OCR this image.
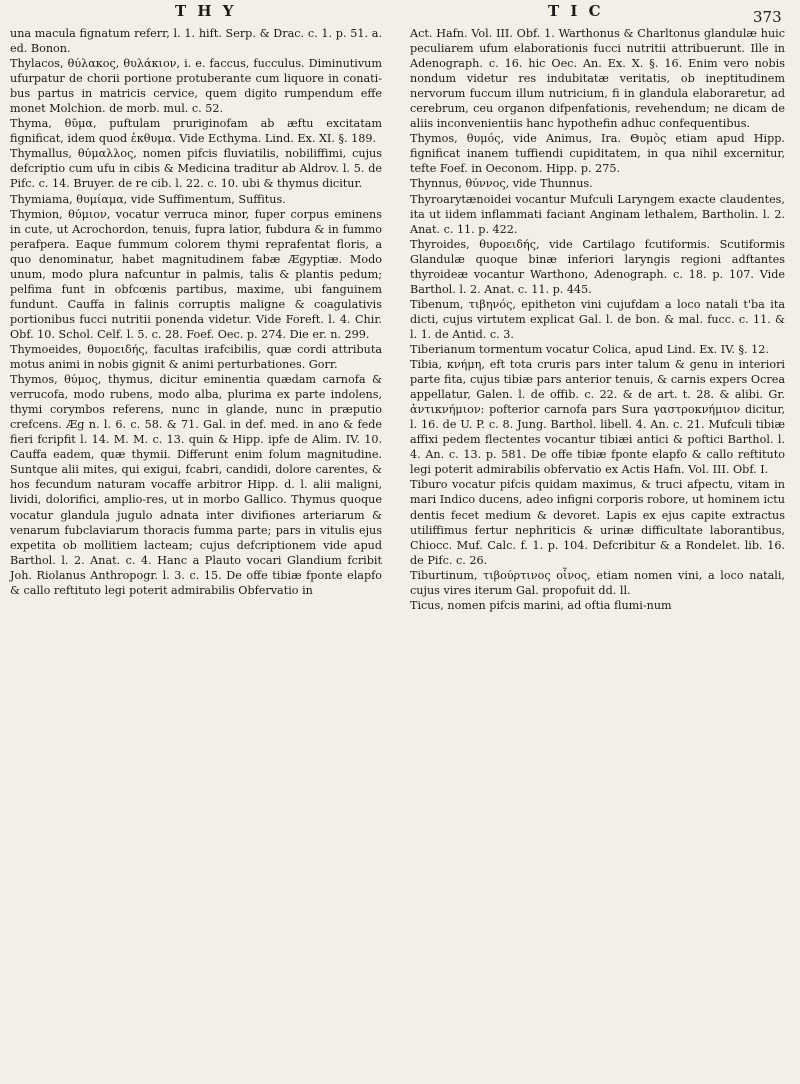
T H Y	T I C	373

una macula fignatum referr, l. 1. hift. Serp. & Drac. c. 1. p. 51. a. ed. Bonon.

Thylacos, θύλακος, θυλάκιον, i. e. faccus, fucculus. Diminutivum ufurpatur de chorii portione protuberante cum liquore in conati-bus partus in matricis cervice, quem digito rumpendum effe monet Molchion. de morb. mul. c. 52.

Thyma, θῦμα, puftulam pruriginofam ab æftu excitatam fignificat, idem quod ἐκθυμα. Vide Ecthyma. Lind. Ex. XI. §. 189.

Thymallus, θύμαλλος, nomen pifcis fluviatilis, nobiliffimi, cujus defcriptio cum ufu in cibis & Medicina traditur ab Aldrov. l. 5. de Pifc. c. 14. Bruyer. de re cib. l. 22. c. 10. ubi & thymus dicitur.

Thymiama, θυμίαμα, vide Suffimentum, Suffitus.

Thymion, θύμιον, vocatur verruca minor, fuper corpus eminens in cute, ut Acrochordon, tenuis, fupra latior, fubdura & in fummo perafpera. Eaque fummum colorem thymi reprafentat floris, a quo denominatur, habet magnitudinem fabæ Ægyptiæ. Modo unum, modo plura nafcuntur in palmis, talis & plantis pedum; pelfima funt in obfcœnis partibus, maxime, ubi fanguinem fundunt. Cauffa in falinis corruptis maligne & coagulativis portionibus fucci nutritii ponenda videtur. Vide Foreft. l. 4. Chir. Obf. 10. Schol. Celf. l. 5. c. 28. Foef. Oec. p. 274. Die er. n. 299.

Thymoeides, θυμοειδής, facultas irafcibilis, quæ cordi attributa motus animi in nobis gignit & animi perturbationes. Gorr.

Thymos, θύμος, thymus, dicitur eminentia quædam carnofa & verrucofa, modo rubens, modo alba, plurima ex parte indolens, thymi corymbos referens, nunc in glande, nunc in præputio crefcens. Æg n. l. 6. c. 58. & 71. Gal. in def. med. in ano & fede fieri fcripfit l. 14. M. M. c. 13. quin & Hipp. ipfe de Alim. IV. 10. Cauffa eadem, quæ thymii. Differunt enim folum magnitudine. Suntque alii mites, qui exigui, fcabri, candidi, dolore carentes, & hos fecundum naturam vocaffe arbitror Hipp. d. l. alii maligni, lividi, dolorifici, amplio-res, ut in morbo Gallico. Thymus quoque vocatur glandula jugulo adnata inter divifiones arteriarum & venarum fubclaviarum thoracis fumma parte; pars in vitulis ejus expetita ob mollitiem lacteam; cujus defcriptionem vide apud Barthol. l. 2. Anat. c. 4. Hanc a Plauto vocari Glandium fcribit Joh. Riolanus Anthropogr. l. 3. c. 15. De offe tibiæ fponte elapfo & callo reftituto legi poterit admirabilis Obfervatio in

Act. Hafn. Vol. III. Obf. 1. Warthonus & Charltonus glandulæ huic peculiarem ufum elaborationis fucci nutritii attribuerunt. Ille in Adenograph. c. 16. hic Oec. An. Ex. X. §. 16. Enim vero nobis nondum videtur res indubitatæ veritatis, ob ineptitudinem nervorum fuccum illum nutricium, fi in glandula elaboraretur, ad cerebrum, ceu organon difpenfationis, revehendum; ne dicam de aliis inconvenientiis hanc hypothefin adhuc confequentibus.

Thymos, θυμός, vide Animus, Ira. Θυμὸς etiam apud Hipp. fignificat inanem tuffiendi cupiditatem, in qua nihil excernitur, tefte Foef. in Oeconom. Hipp. p. 275.

Thynnus, θύννος, vide Thunnus.

Thyroarytænoidei vocantur Mufculi Laryngem exacte claudentes, ita ut iidem inflammati faciant Anginam lethalem, Bartholin. l. 2. Anat. c. 11. p. 422.

Thyroides, θυροειδής, vide Cartilago fcutiformis. Scutiformis Glandulæ quoque binæ inferiori laryngis regioni adftantes thyroideæ vocantur Warthono, Adenograph. c. 18. p. 107. Vide Barthol. l. 2. Anat. c. 11. p. 445.

Tibenum, τιβηνός, epitheton vini cujufdam a loco natali t'ba ita dicti, cujus virtutem explicat Gal. l. de bon. & mal. fucc. c. 11. & l. 1. de Antid. c. 3.

Tiberianum tormentum vocatur Colica, apud Lind. Ex. IV. §. 12.

Tibia, κνήμη, eft tota cruris pars inter talum & genu in interiori parte fita, cujus tibiæ pars anterior tenuis, & carnis expers Ocrea appellatur, Galen. l. de offib. c. 22. & de art. t. 28. & alibi. Gr. ἀντικνήμιον: pofterior carnofa pars Sura γαστροκνήμιον dicitur, l. 16. de U. P. c. 8. Jung. Barthol. libell. 4. An. c. 21. Mufculi tibiæ affixi pedem flectentes vocantur tibiæi antici & poftici Barthol. l. 4. An. c. 13. p. 581. De offe tibiæ fponte elapfo & callo reftituto legi poterit admirabilis obfervatio ex Actis Hafn. Vol. III. Obf. I.

Tiburo vocatur pifcis quidam maximus, & truci afpectu, vitam in mari Indico ducens, adeo infigni corporis robore, ut hominem ictu dentis fecet medium & devoret. Lapis ex ejus capite extractus utiliffimus fertur nephriticis & urinæ difficultate laborantibus, Chiocc. Muf. Calc. f. 1. p. 104. Defcribitur & a Rondelet. lib. 16. de Pifc. c. 26.

Tiburtinum, τιβούρτινος οἶνος, etiam nomen vini, a loco natali, cujus vires iterum Gal. propofuit dd. ll.

Ticus, nomen pifcis marini, ad oftia flumi-num
